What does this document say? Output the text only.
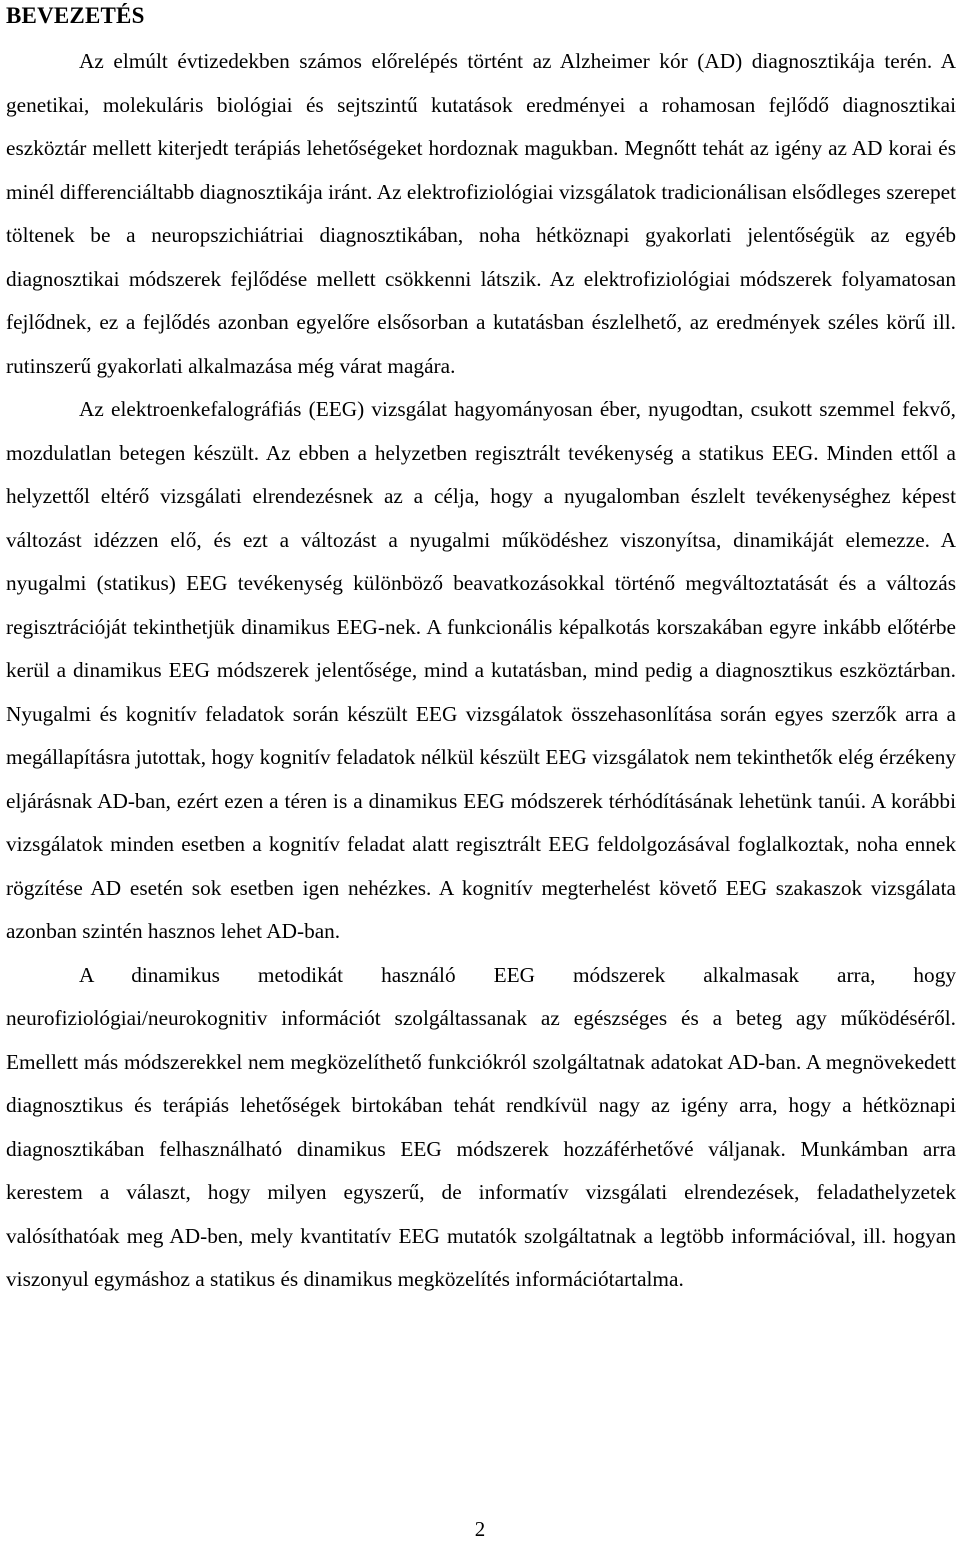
BEVEZETÉS

Az elmúlt évtizedekben számos előrelépés történt az Alzheimer kór (AD) diagnosztikája terén. A genetikai, molekuláris biológiai és sejtszintű kutatások eredményei a rohamosan fejlődő diagnosztikai eszköztár mellett kiterjedt terápiás lehetőségeket hordoznak magukban. Megnőtt tehát az igény az AD korai és minél differenciáltabb diagnosztikája iránt. Az elektrofiziológiai vizsgálatok tradicionálisan elsődleges szerepet töltenek be a neuropszichiátriai diagnosztikában, noha hétköznapi gyakorlati jelentőségük az egyéb diagnosztikai módszerek fejlődése mellett csökkenni látszik. Az elektrofiziológiai módszerek folyamatosan fejlődnek, ez a fejlődés azonban egyelőre elsősorban a kutatásban észlelhető, az eredmények széles körű ill. rutinszerű gyakorlati alkalmazása még várat magára.

Az elektroenkefalográfiás (EEG) vizsgálat hagyományosan éber, nyugodtan, csukott szemmel fekvő, mozdulatlan betegen készült. Az ebben a helyzetben regisztrált tevékenység a statikus EEG. Minden ettől a helyzettől eltérő vizsgálati elrendezésnek az a célja, hogy a nyugalomban észlelt tevékenységhez képest változást idézzen elő, és ezt a változást a nyugalmi működéshez viszonyítsa, dinamikáját elemezze. A nyugalmi (statikus) EEG tevékenység különböző beavatkozásokkal történő megváltoztatását és a változás regisztrációját tekinthetjük dinamikus EEG-nek. A funkcionális képalkotás korszakában egyre inkább előtérbe kerül a dinamikus EEG módszerek jelentősége, mind a kutatásban, mind pedig a diagnosztikus eszköztárban. Nyugalmi és kognitív feladatok során készült EEG vizsgálatok összehasonlítása során egyes szerzők arra a megállapításra jutottak, hogy kognitív feladatok nélkül készült EEG vizsgálatok nem tekinthetők elég érzékeny eljárásnak AD-ban, ezért ezen a téren is a dinamikus EEG módszerek térhódításának lehetünk tanúi. A korábbi vizsgálatok minden esetben a kognitív feladat alatt regisztrált EEG feldolgozásával foglalkoztak, noha ennek rögzítése AD esetén sok esetben igen nehézkes. A kognitív megterhelést követő EEG szakaszok vizsgálata azonban szintén hasznos lehet AD-ban.

A dinamikus metodikát használó EEG módszerek alkalmasak arra, hogy neurofiziológiai/neurokognitiv információt szolgáltassanak az egészséges és a beteg agy működéséről. Emellett más módszerekkel nem megközelíthető funkciókról szolgáltatnak adatokat AD-ban. A megnövekedett diagnosztikus és terápiás lehetőségek birtokában tehát rendkívül nagy az igény arra, hogy a hétköznapi diagnosztikában felhasználható dinamikus EEG módszerek hozzáférhetővé váljanak. Munkámban arra kerestem a választ, hogy milyen egyszerű, de informatív vizsgálati elrendezések, feladathelyzetek valósíthatóak meg AD-ben, mely kvantitatív EEG mutatók szolgáltatnak a legtöbb információval, ill. hogyan viszonyul egymáshoz a statikus és dinamikus megközelítés információtartalma.

2
